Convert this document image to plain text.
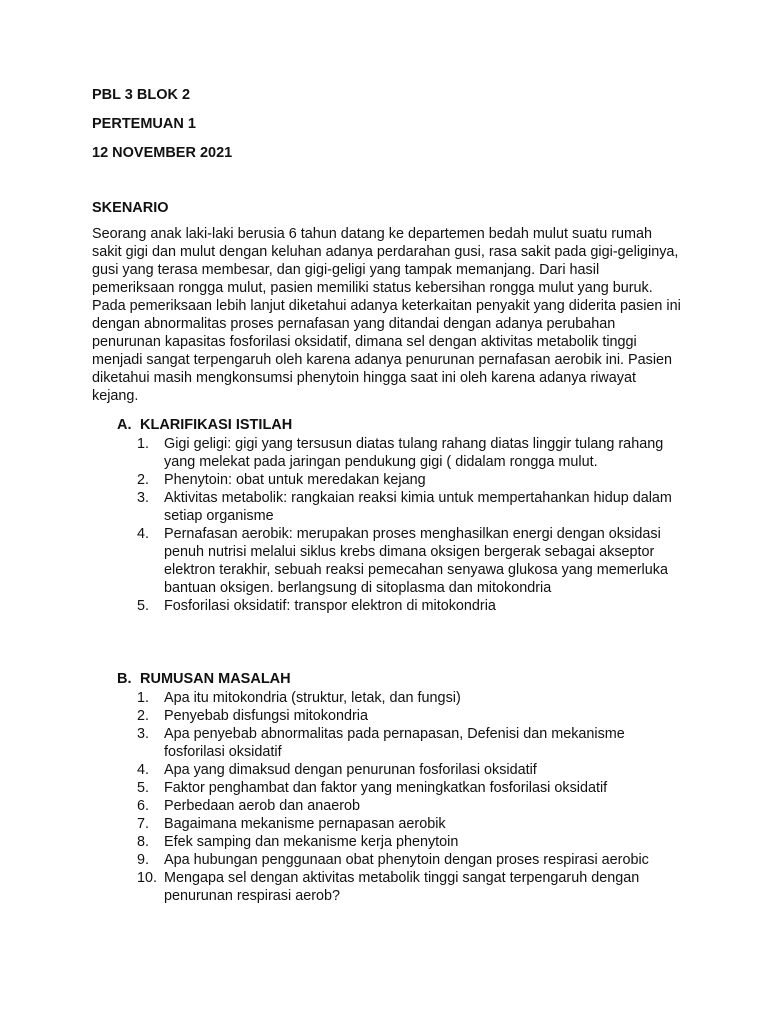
PBL 3 BLOK 2
PERTEMUAN 1
12 NOVEMBER 2021
SKENARIO

Seorang anak laki-laki berusia 6 tahun datang ke departemen bedah mulut suatu rumah sakit gigi dan mulut dengan keluhan adanya perdarahan gusi, rasa sakit pada gigi-geliginya, gusi yang terasa membesar, dan gigi-geligi yang tampak memanjang. Dari hasil pemeriksaan rongga mulut, pasien memiliki status kebersihan rongga mulut yang buruk. Pada pemeriksaan lebih lanjut diketahui adanya keterkaitan penyakit yang diderita pasien ini dengan abnormalitas proses pernafasan yang ditandai dengan adanya perubahan penurunan kapasitas fosforilasi oksidatif, dimana sel dengan aktivitas metabolik tinggi menjadi sangat terpengaruh oleh karena adanya penurunan pernafasan aerobik ini. Pasien diketahui masih mengkonsumsi phenytoin hingga saat ini oleh karena adanya riwayat kejang.

A. KLARIFIKASI ISTILAH
1. Gigi geligi: gigi yang tersusun diatas tulang rahang diatas linggir tulang rahang yang melekat pada jaringan pendukung gigi ( didalam rongga mulut.
2. Phenytoin: obat untuk meredakan kejang
3. Aktivitas metabolik: rangkaian reaksi kimia untuk mempertahankan hidup dalam setiap organisme
4. Pernafasan aerobik: merupakan proses menghasilkan energi dengan oksidasi penuh nutrisi melalui siklus krebs dimana oksigen bergerak sebagai akseptor elektron terakhir, sebuah reaksi pemecahan senyawa glukosa yang memerluka bantuan oksigen. berlangsung di sitoplasma dan mitokondria
5. Fosforilasi oksidatif: transpor elektron di mitokondria
B. RUMUSAN MASALAH
1. Apa itu mitokondria (struktur, letak, dan fungsi)
2. Penyebab disfungsi mitokondria
3. Apa penyebab abnormalitas pada pernapasan, Defenisi dan mekanisme fosforilasi oksidatif
4. Apa yang dimaksud dengan penurunan fosforilasi oksidatif
5. Faktor penghambat dan faktor yang meningkatkan fosforilasi oksidatif
6. Perbedaan aerob dan anaerob
7. Bagaimana mekanisme pernapasan aerobik
8. Efek samping dan mekanisme kerja phenytoin
9. Apa hubungan penggunaan obat phenytoin dengan proses respirasi aerobic
10. Mengapa sel dengan aktivitas metabolik tinggi sangat terpengaruh dengan penurunan respirasi aerob?
